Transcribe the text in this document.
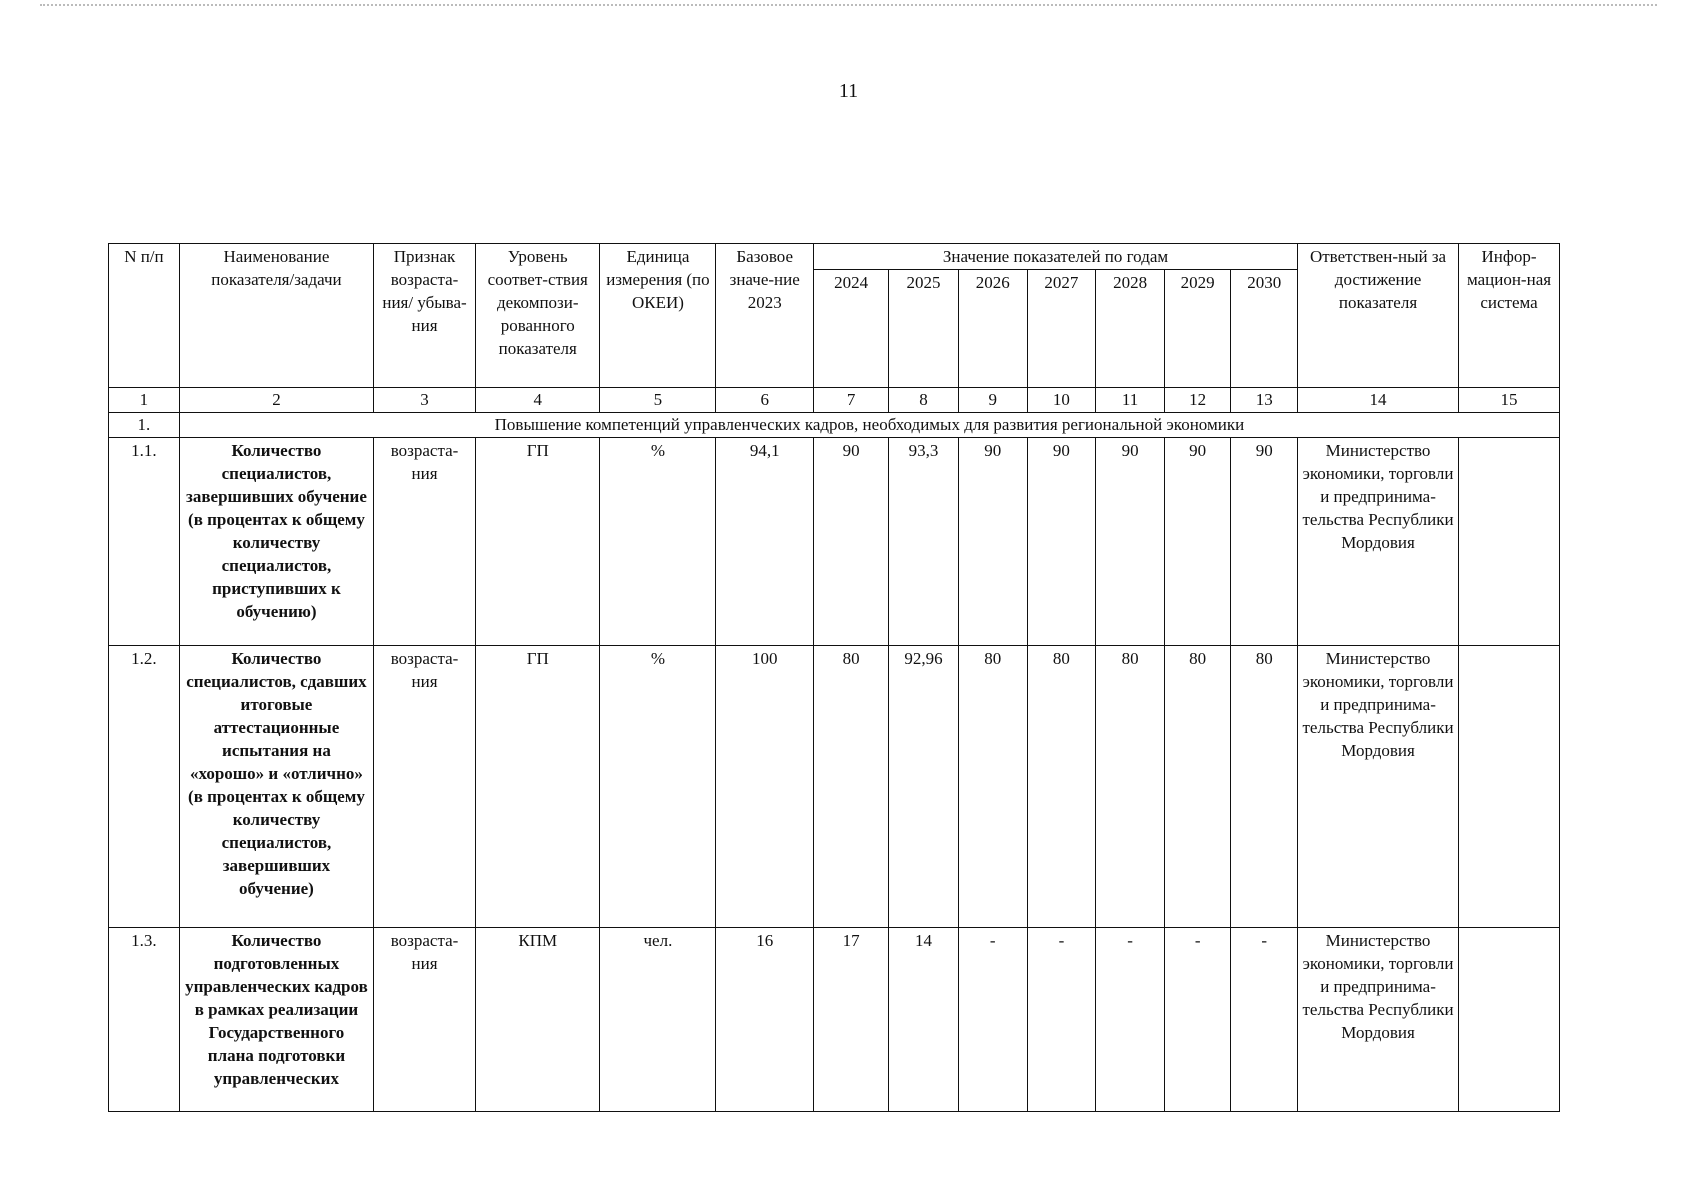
11
N п/п	Наименование показателя/задачи	Признак возраста-ния/ убыва-ния	Уровень соответ-ствия декомпози-рованного показателя	Единица измерения (по ОКЕИ)	Базовое значе-ние 2023	Значение показателей по годам							Ответствен-ный за достижение показателя	Инфор-мацион-ная система
						2024	2025	2026	2027	2028	2029	2030		
1	2	3	4	5	6	7	8	9	10	11	12	13	14	15
1.	Повышение компетенций управленческих кадров, необходимых для развития региональной экономики													
1.1.	Количество специалистов, завершивших обучение (в процентах к общему количеству специалистов, приступивших к обучению)	возраста-ния	ГП	%	94,1	90	93,3	90	90	90	90	90	Министерство экономики, торговли и предпринима-тельства Республики Мордовия	
1.2.	Количество специалистов, сдавших итоговые аттестационные испытания на «хорошо» и «отлично» (в процентах к общему количеству специалистов, завершивших обучение)	возраста-ния	ГП	%	100	80	92,96	80	80	80	80	80	Министерство экономики, торговли и предпринима-тельства Республики Мордовия	
1.3.	Количество подготовленных управленческих кадров в рамках реализации Государственного плана подготовки управленческих	возраста-ния	КПМ	чел.	16	17	14	-	-	-	-	-	Министерство экономики, торговли и предпринима-тельства Республики Мордовия	
